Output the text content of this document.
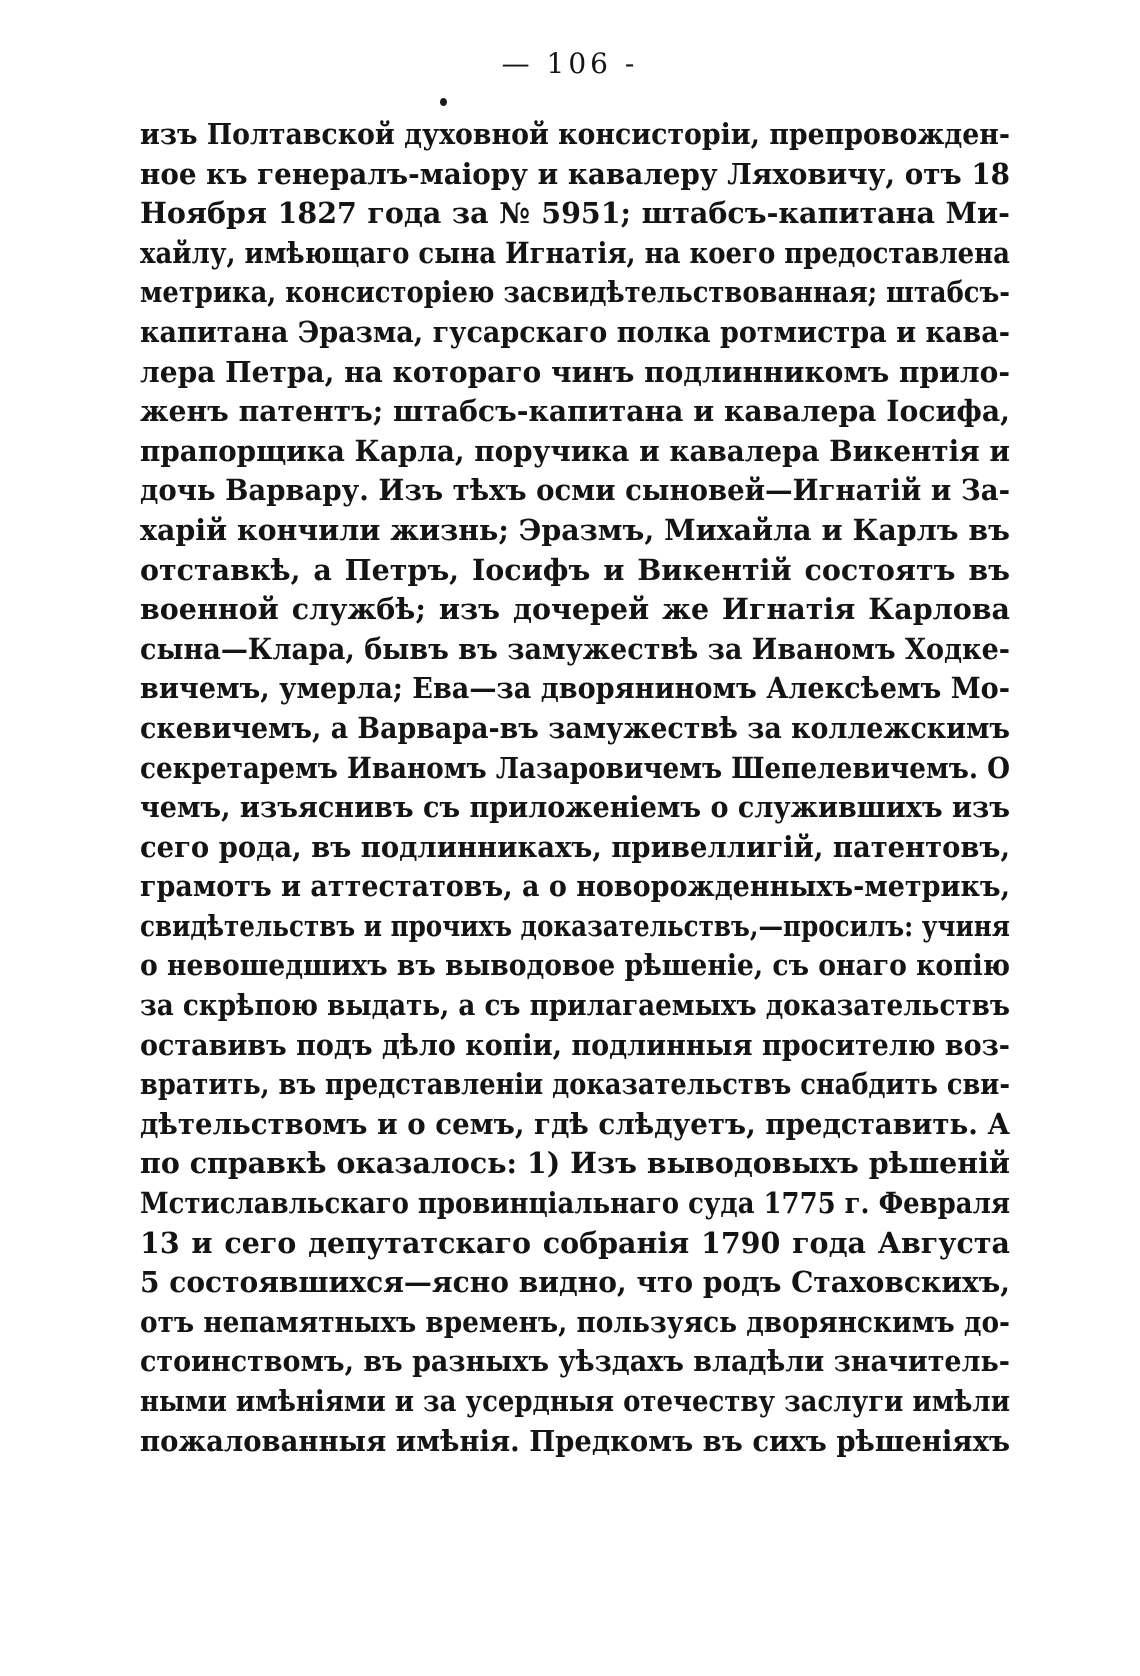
— 106 -
изъ Полтавской духовной консисторіи, препровожден-
ное къ генералъ-маіору и кавалеру Ляховичу, отъ 18
Ноября 1827 года за № 5951; штабсъ-капитана Ми-
хайлу, имѣющаго сына Игнатія, на коего предоставлена
метрика, консисторіею засвидѣтельствованная; штабсъ-
капитана Эразма, гусарскаго полка ротмистра и кава-
лера Петра, на котораго чинъ подлинникомъ прило-
женъ патентъ; штабсъ-капитана и кавалера Іосифа,
прапорщика Карла, поручика и кавалера Викентія и
дочь Варвару. Изъ тѣхъ осми сыновей—Игнатій и За-
харій кончили жизнь; Эразмъ, Михайла и Карлъ въ
отставкѣ, а Петръ, Іосифъ и Викентій состоятъ въ
военной службѣ; изъ дочерей же Игнатія Карлова
сына—Клара, бывъ въ замужествѣ за Иваномъ Ходке-
вичемъ, умерла; Ева—за дворяниномъ Алексѣемъ Мо-
скевичемъ, а Варвара-въ замужествѣ за коллежскимъ
секретаремъ Иваномъ Лазаровичемъ Шепелевичемъ. О
чемъ, изъяснивъ съ приложеніемъ о служившихъ изъ
сего рода, въ подлинникахъ, привеллигій, патентовъ,
грамотъ и аттестатовъ, а о новорожденныхъ-метрикъ,
свидѣтельствъ и прочихъ доказательствъ,—просилъ: учиня
о невошедшихъ въ выводовое рѣшеніе, съ онаго копію
за скрѣпою выдать, а съ прилагаемыхъ доказательствъ
оставивъ подъ дѣло копіи, подлинныя просителю воз-
вратить, въ представленіи доказательствъ снабдить сви-
дѣтельствомъ и о семъ, гдѣ слѣдуетъ, представить. А
по справкѣ оказалось: 1) Изъ выводовыхъ рѣшеній
Мстиславльскаго провинціальнаго суда 1775 г. Февраля
13 и сего депутатскаго собранія 1790 года Августа
5 состоявшихся—ясно видно, что родъ Стаховскихъ,
отъ непамятныхъ временъ, пользуясь дворянскимъ до-
стоинствомъ, въ разныхъ уѣздахъ владѣли значитель-
ными имѣніями и за усердныя отечеству заслуги имѣли
пожалованныя имѣнія. Предкомъ въ сихъ рѣшеніяхъ
